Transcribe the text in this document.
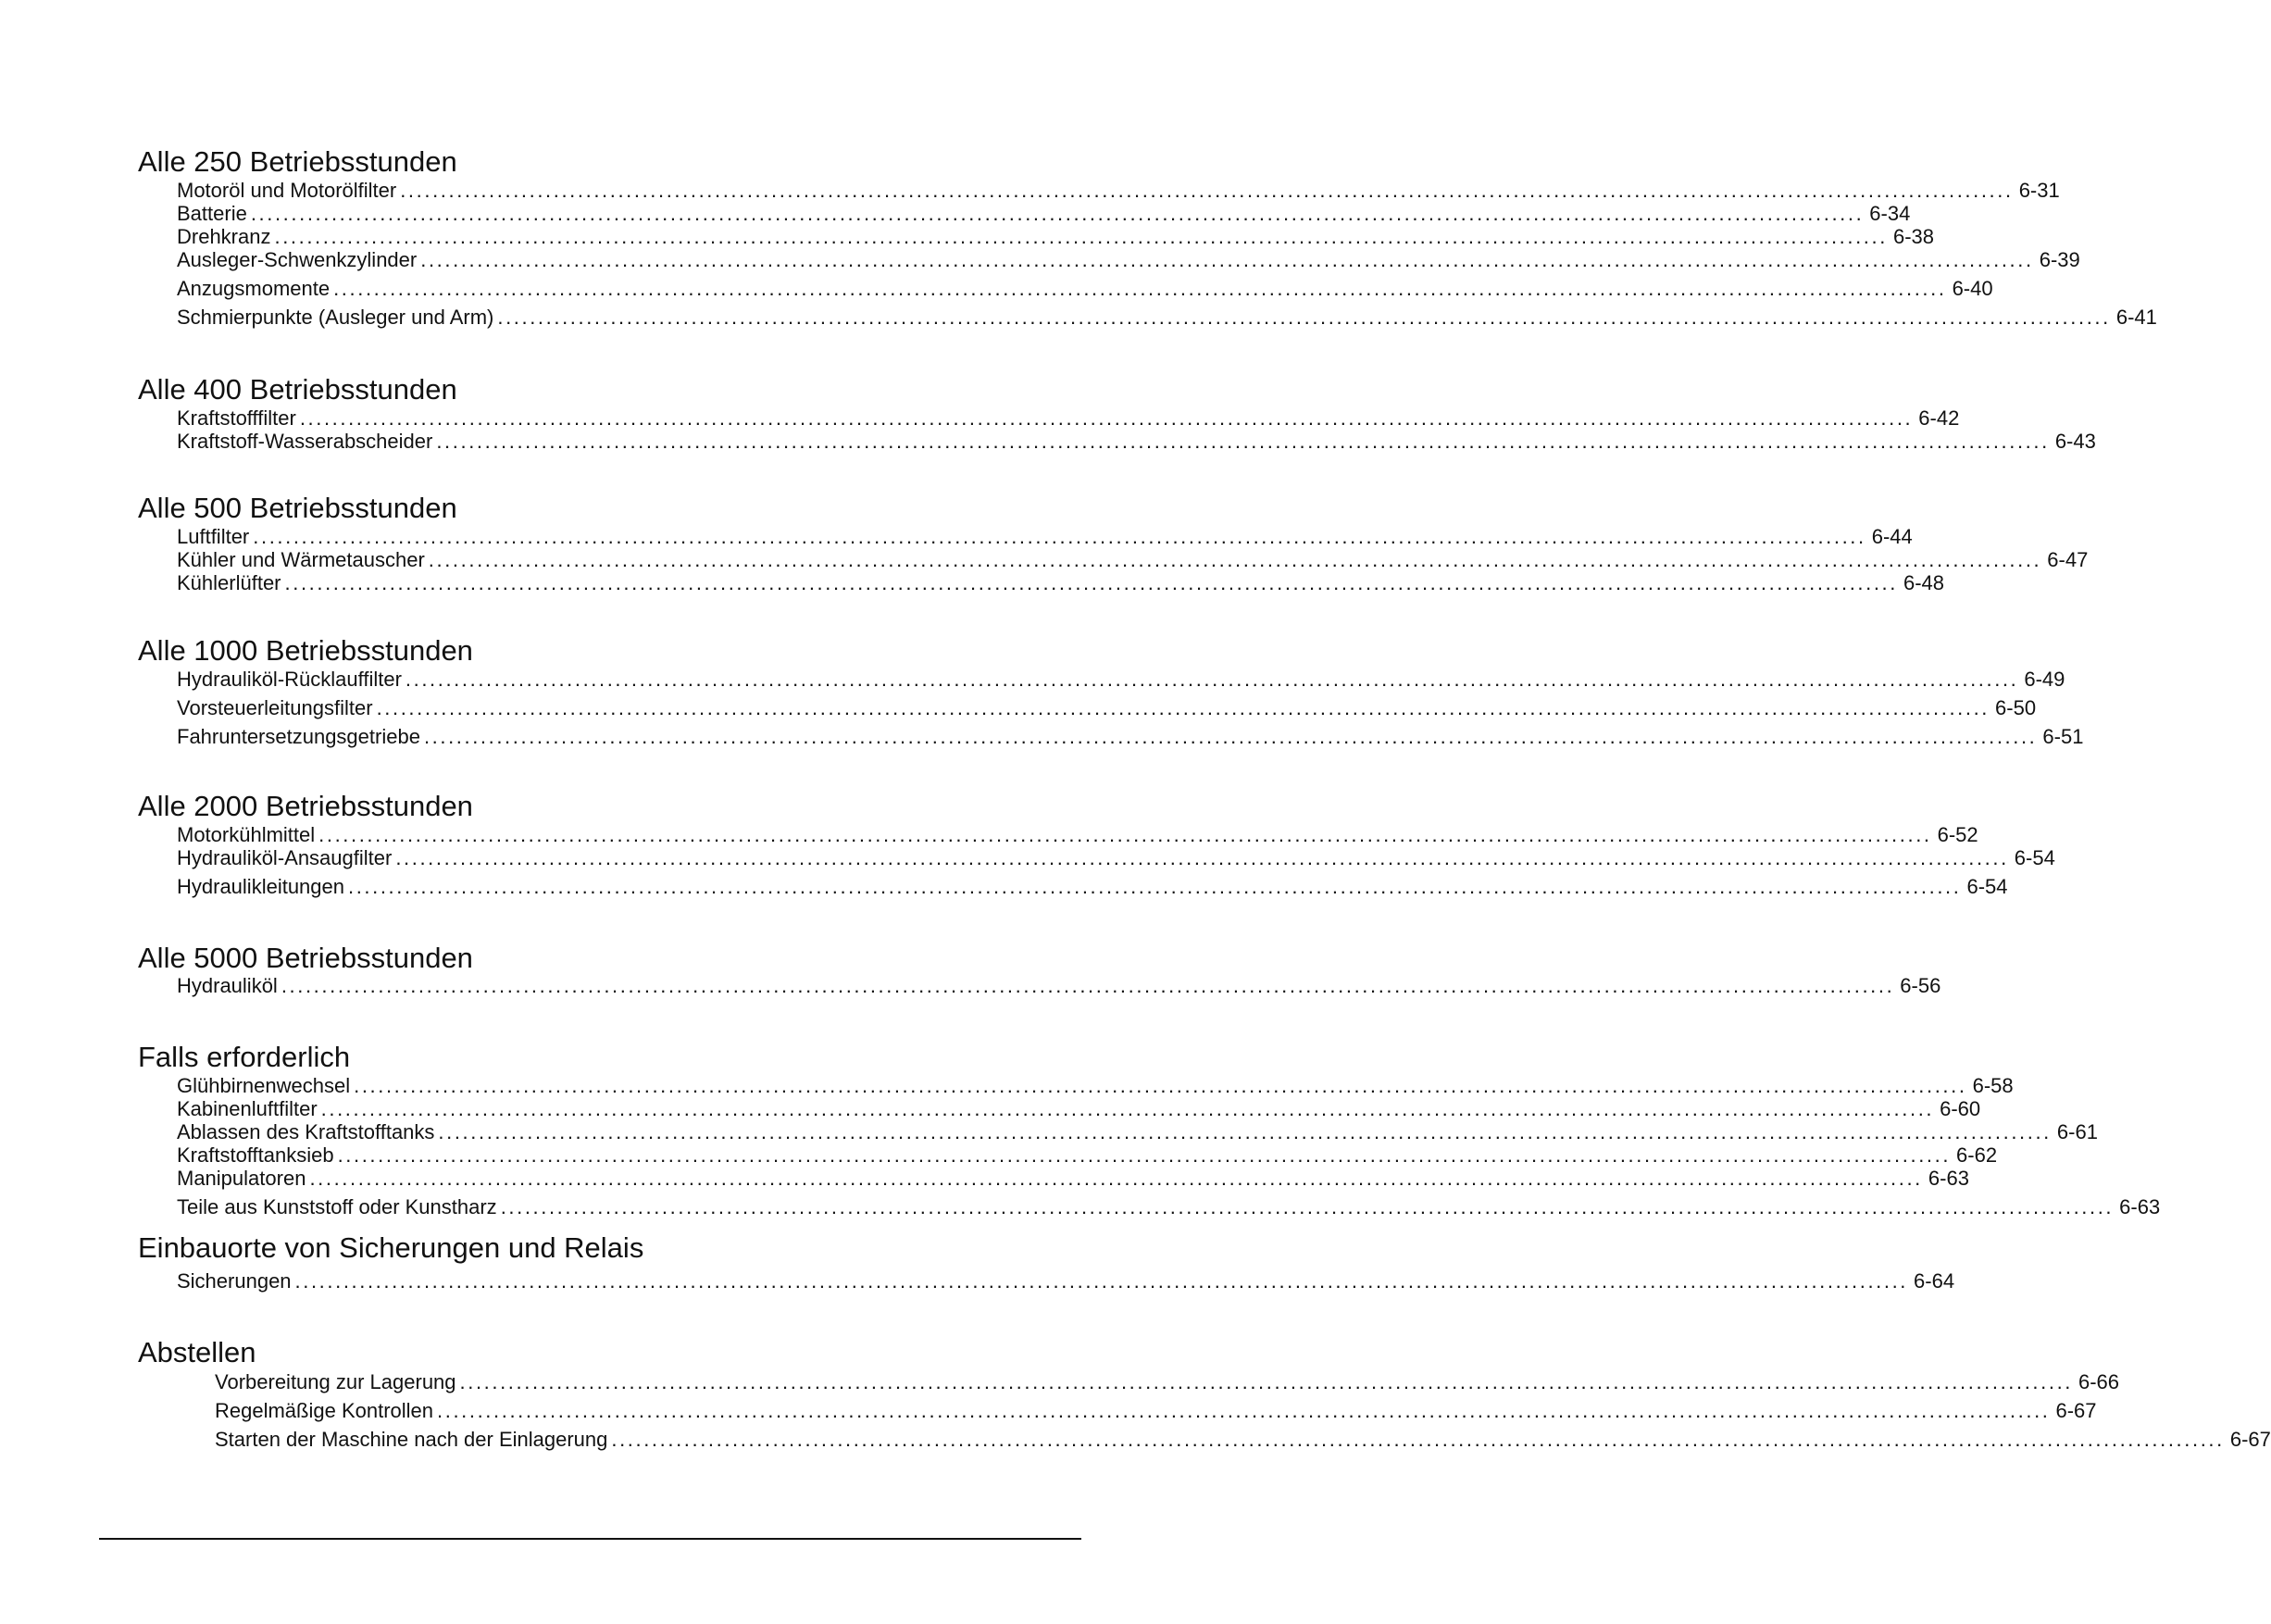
Alle 250 Betriebsstunden
Motoröl und Motorölfilter ........................................................................................................................................................................................................ 6-31
Batterie ........................................................................................................................................................................................................ 6-34
Drehkranz ........................................................................................................................................................................................................ 6-38
Ausleger-Schwenkzylinder ........................................................................................................................................................................................................ 6-39
Anzugsmomente ........................................................................................................................................................................................................ 6-40
Schmierpunkte (Ausleger und Arm) ........................................................................................................................................................................................................ 6-41
Alle 400 Betriebsstunden
Kraftstofffilter ........................................................................................................................................................................................................ 6-42
Kraftstoff-Wasserabscheider ........................................................................................................................................................................................................ 6-43
Alle 500 Betriebsstunden
Luftfilter ........................................................................................................................................................................................................ 6-44
Kühler und Wärmetauscher ........................................................................................................................................................................................................ 6-47
Kühlerlüfter ........................................................................................................................................................................................................ 6-48
Alle 1000 Betriebsstunden
Hydrauliköl-Rücklauffilter ........................................................................................................................................................................................................ 6-49
Vorsteuerleitungsfilter ........................................................................................................................................................................................................ 6-50
Fahruntersetzungsgetriebe ........................................................................................................................................................................................................ 6-51
Alle 2000 Betriebsstunden
Motorkühlmittel ........................................................................................................................................................................................................ 6-52
Hydrauliköl-Ansaugfilter ........................................................................................................................................................................................................ 6-54
Hydraulikleitungen ........................................................................................................................................................................................................ 6-54
Alle 5000 Betriebsstunden
Hydrauliköl ........................................................................................................................................................................................................ 6-56
Falls erforderlich
Glühbirnenwechsel ........................................................................................................................................................................................................ 6-58
Kabinenluftfilter ........................................................................................................................................................................................................ 6-60
Ablassen des Kraftstofftanks ........................................................................................................................................................................................................ 6-61
Kraftstofftanksieb ........................................................................................................................................................................................................ 6-62
Manipulatoren ........................................................................................................................................................................................................ 6-63
Teile aus Kunststoff oder Kunstharz ........................................................................................................................................................................................................ 6-63
Einbauorte von Sicherungen und Relais
Sicherungen ........................................................................................................................................................................................................ 6-64
Abstellen
Vorbereitung zur Lagerung ........................................................................................................................................................................................................ 6-66
Regelmäßige Kontrollen ........................................................................................................................................................................................................ 6-67
Starten der Maschine nach der Einlagerung ........................................................................................................................................................................................................ 6-67
